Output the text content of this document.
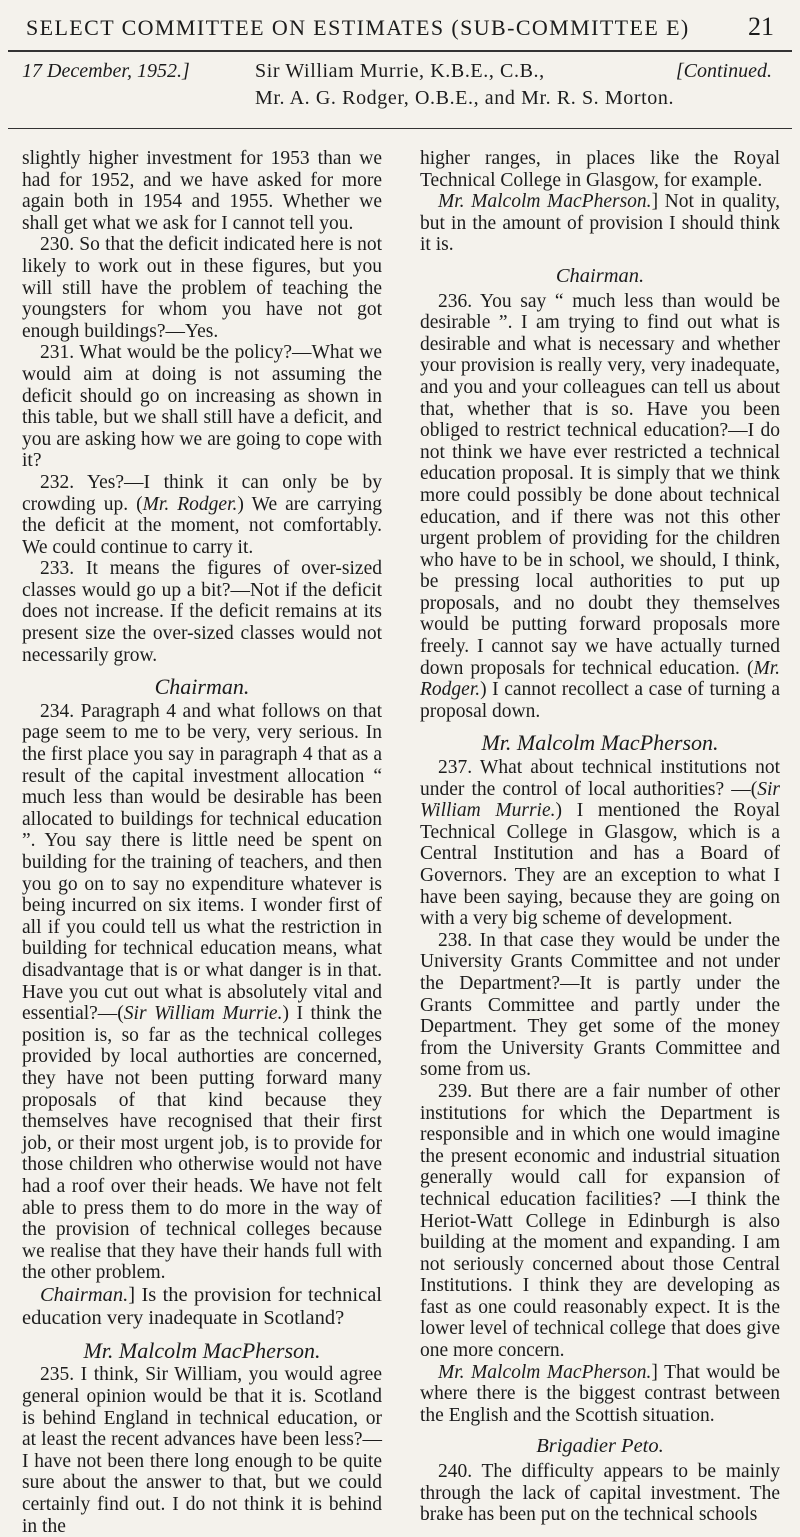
SELECT COMMITTEE ON ESTIMATES (SUB-COMMITTEE E) 21
17 December, 1952.]	Sir William Murrie, K.B.E., C.B.,	[Continued.
Mr. A. G. Rodger, O.B.E., and Mr. R. S. Morton.

slightly higher investment for 1953 than we had for 1952, and we have asked for more again both in 1954 and 1955. Whether we shall get what we ask for I cannot tell you.

230. So that the deficit indicated here is not likely to work out in these figures, but you will still have the problem of teaching the youngsters for whom you have not got enough buildings?—Yes.

231. What would be the policy?—What we would aim at doing is not assuming the deficit should go on increasing as shown in this table, but we shall still have a deficit, and you are asking how we are going to cope with it?

232. Yes?—I think it can only be by crowding up. (Mr. Rodger.) We are carrying the deficit at the moment, not comfortably. We could continue to carry it.

233. It means the figures of over-sized classes would go up a bit?—Not if the deficit does not increase. If the deficit remains at its present size the over-sized classes would not necessarily grow.

Chairman.

234. Paragraph 4 and what follows on that page seem to me to be very, very serious. In the first place you say in paragraph 4 that as a result of the capital investment allocation “ much less than would be desirable has been allocated to buildings for technical education ”. You say there is little need be spent on building for the training of teachers, and then you go on to say no expenditure whatever is being incurred on six items. I wonder first of all if you could tell us what the restriction in building for technical education means, what disadvantage that is or what danger is in that. Have you cut out what is absolutely vital and essential?—(Sir William Murrie.) I think the position is, so far as the technical colleges provided by local authorties are concerned, they have not been putting forward many proposals of that kind because they themselves have recognised that their first job, or their most urgent job, is to provide for those children who otherwise would not have had a roof over their heads. We have not felt able to press them to do more in the way of the provision of technical colleges because we realise that they have their hands full with the other problem.

Chairman.] Is the provision for technical education very inadequate in Scotland?

Mr. Malcolm MacPherson.

235. I think, Sir William, you would agree general opinion would be that it is. Scotland is behind England in technical education, or at least the recent advances have been less?—I have not been there long enough to be quite sure about the answer to that, but we could certainly find out. I do not think it is behind in the

higher ranges, in places like the Royal Technical College in Glasgow, for example.

Mr. Malcolm MacPherson.] Not in quality, but in the amount of provision I should think it is.

Chairman.

236. You say “ much less than would be desirable ”. I am trying to find out what is desirable and what is necessary and whether your provision is really very, very inadequate, and you and your colleagues can tell us about that, whether that is so. Have you been obliged to restrict technical education?—I do not think we have ever restricted a technical education proposal. It is simply that we think more could possibly be done about technical education, and if there was not this other urgent problem of providing for the children who have to be in school, we should, I think, be pressing local authorities to put up proposals, and no doubt they themselves would be putting forward proposals more freely. I cannot say we have actually turned down proposals for technical education. (Mr. Rodger.) I cannot recollect a case of turning a proposal down.

Mr. Malcolm MacPherson.

237. What about technical institutions not under the control of local authorities? —(Sir William Murrie.) I mentioned the Royal Technical College in Glasgow, which is a Central Institution and has a Board of Governors. They are an exception to what I have been saying, because they are going on with a very big scheme of development.

238. In that case they would be under the University Grants Committee and not under the Department?—It is partly under the Grants Committee and partly under the Department. They get some of the money from the University Grants Committee and some from us.

239. But there are a fair number of other institutions for which the Department is responsible and in which one would imagine the present economic and industrial situation generally would call for expansion of technical education facilities? —I think the Heriot-Watt College in Edinburgh is also building at the moment and expanding. I am not seriously concerned about those Central Institutions. I think they are developing as fast as one could reasonably expect. It is the lower level of technical college that does give one more concern.

Mr. Malcolm MacPherson.] That would be where there is the biggest contrast between the English and the Scottish situation.

Brigadier Peto.

240. The difficulty appears to be mainly through the lack of capital investment. The brake has been put on the technical schools
